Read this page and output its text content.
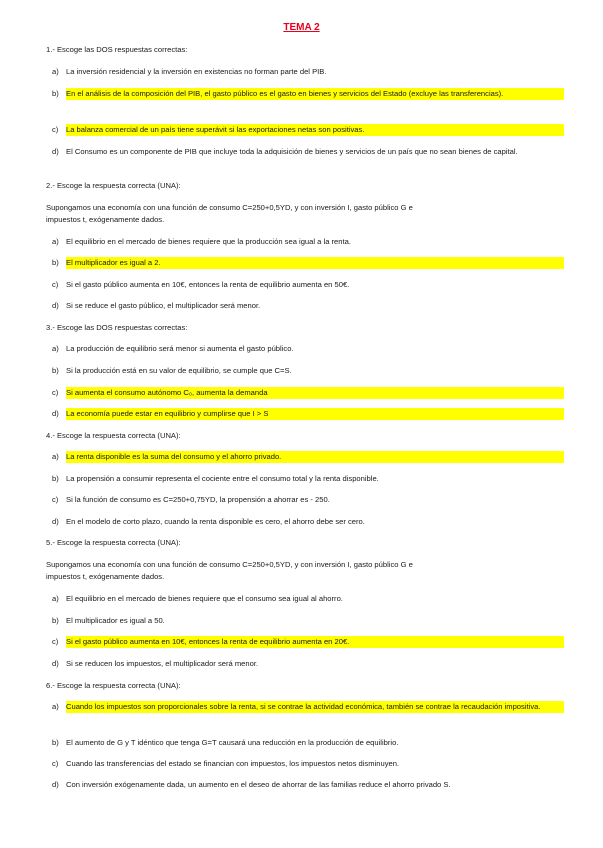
TEMA 2
1.- Escoge las DOS respuestas correctas:
a) La inversión residencial y la inversión en existencias no forman parte del PIB.
b) En el análisis de la composición del PIB, el gasto público es el gasto en bienes y servicios del Estado (excluye las transferencias).
c) La balanza comercial de un país tiene superávit si las exportaciones netas son positivas.
d) El Consumo es un componente de PIB que incluye toda la adquisición de bienes y servicios de un país que no sean bienes de capital.
2.- Escoge la respuesta correcta (UNA):
Supongamos una economía con una función de consumo C=250+0,5YD, y con inversión I, gasto público G e
impuestos t, exógenamente dados.
a) El equilibrio en el mercado de bienes requiere que la producción sea igual a la renta.
b) El multiplicador es igual a 2.
c) Si el gasto público aumenta en 10€, entonces la renta de equilibrio aumenta en 50€.
d) Si se reduce el gasto público, el multiplicador será menor.
3.- Escoge las DOS respuestas correctas:
a) La producción de equilibrio será menor si aumenta el gasto público.
b) Si la producción está en su valor de equilibrio, se cumple que C=S.
c) Si aumenta el consumo autónomo C₀, aumenta la demanda
d) La economía puede estar en equilibrio y cumplirse que I > S
4.- Escoge la respuesta correcta (UNA):
a) La renta disponible es la suma del consumo y el ahorro privado.
b) La propensión a consumir representa el cociente entre el consumo total y la renta disponible.
c) Si la función de consumo es C=250+0,75YD, la propensión a ahorrar es - 250.
d) En el modelo de corto plazo, cuando la renta disponible es cero, el ahorro debe ser cero.
5.- Escoge la respuesta correcta (UNA):
Supongamos una economía con una función de consumo C=250+0,5YD, y con inversión I, gasto público G e
impuestos t, exógenamente dados.
a) El equilibrio en el mercado de bienes requiere que el consumo sea igual al ahorro.
b) El multiplicador es igual a 50.
c) Si el gasto público aumenta en 10€, entonces la renta de equilibrio aumenta en 20€.
d) Si se reducen los impuestos, el multiplicador será menor.
6.- Escoge la respuesta correcta (UNA):
a) Cuando los impuestos son proporcionales sobre la renta, si se contrae la actividad económica, también se contrae la recaudación impositiva.
b) El aumento de G y T idéntico que tenga G=T causará una reducción en la producción de equilibrio.
c) Cuando las transferencias del estado se financian con impuestos, los impuestos netos disminuyen.
d) Con inversión exógenamente dada, un aumento en el deseo de ahorrar de las familias reduce el ahorro privado S.
